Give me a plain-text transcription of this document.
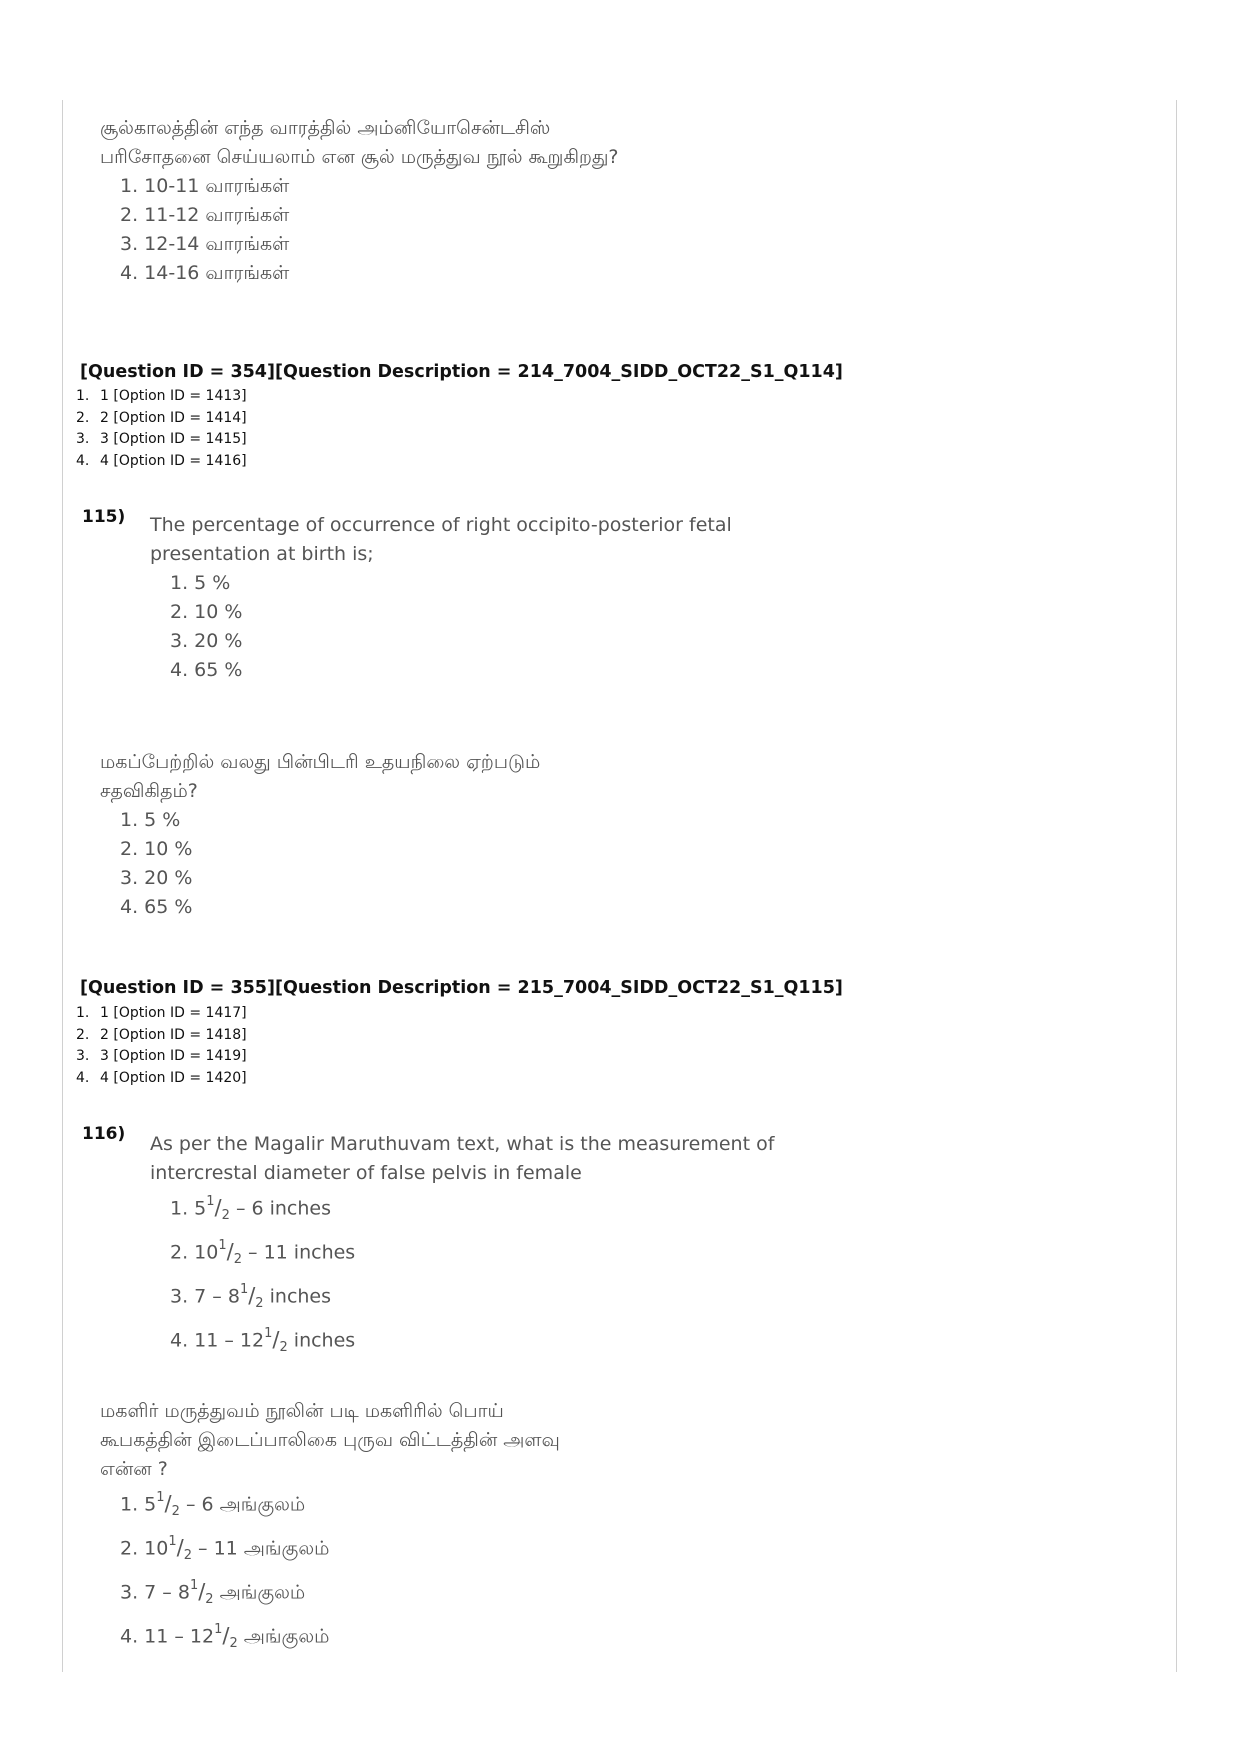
சூல்காலத்தின் எந்த வாரத்தில் அம்னியோசென்டசிஸ்
பரிசோதனை செய்யலாம் என சூல் மருத்துவ நூல் கூறுகிறது?
1. 10-11 வாரங்கள்
2. 11-12 வாரங்கள்
3. 12-14 வாரங்கள்
4. 14-16 வாரங்கள்
[Question ID = 354][Question Description = 214_7004_SIDD_OCT22_S1_Q114]
1. 1 [Option ID = 1413]
2. 2 [Option ID = 1414]
3. 3 [Option ID = 1415]
4. 4 [Option ID = 1416]
115) The percentage of occurrence of right occipito-posterior fetal
presentation at birth is;
1. 5 %
2. 10 %
3. 20 %
4. 65 %
மகப்பேற்றில் வலது பின்பிடரி உதயநிலை ஏற்படும்
சதவிகிதம்?
1. 5 %
2. 10 %
3. 20 %
4. 65 %
[Question ID = 355][Question Description = 215_7004_SIDD_OCT22_S1_Q115]
1. 1 [Option ID = 1417]
2. 2 [Option ID = 1418]
3. 3 [Option ID = 1419]
4. 4 [Option ID = 1420]
116) As per the Magalir Maruthuvam text, what is the measurement of
intercrestal diameter of false pelvis in female
1. $5^1/_2 - 6$ inches
2. $10^1/_2 - 11$ inches
3. $7 - 8^1/_2$ inches
4. $11 - 12^1/_2$ inches
மகளிர் மருத்துவம் நூலின் படி மகளிரில் பொய்
கூபகத்தின் இடைப்பாலிகை புருவ விட்டத்தின் அளவு
என்ன ?
1. $5^1/_2 - 6$ அங்குலம்
2. $10^1/_2 - 11$ அங்குலம்
3. $7 - 8^1/_2$ அங்குலம்
4. $11 - 12^1/_2$ அங்குலம்
